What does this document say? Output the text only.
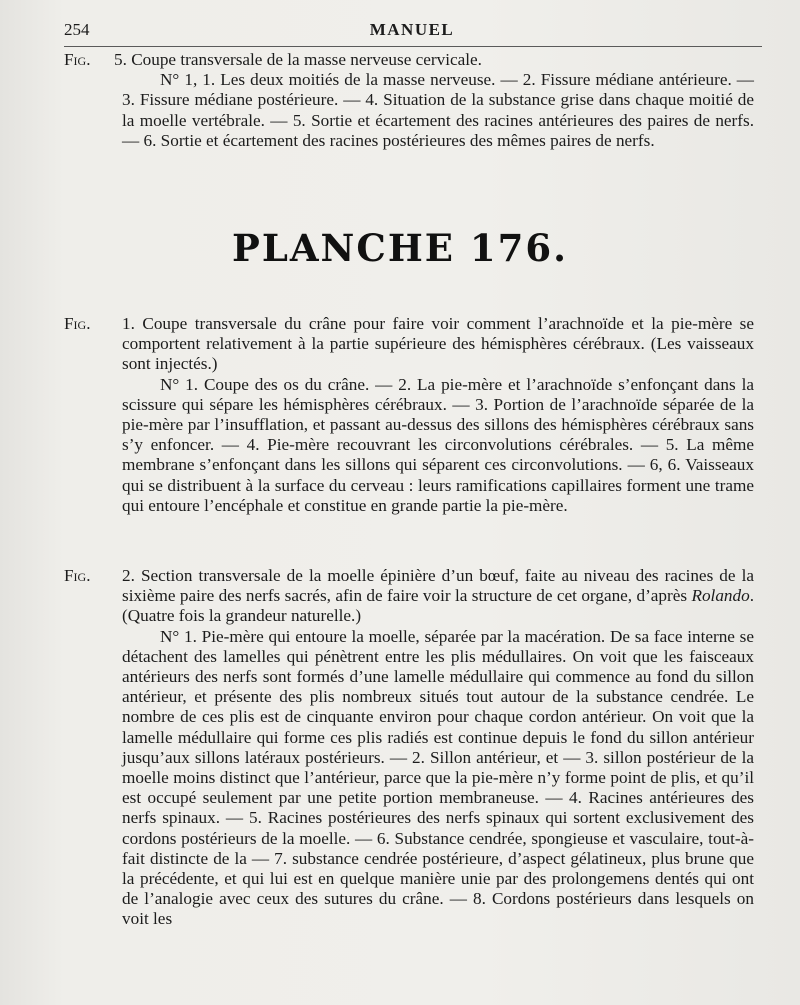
254	MANUEL

Fig. 5. Coupe transversale de la masse nerveuse cervicale.

N° 1, 1. Les deux moitiés de la masse nerveuse. — 2. Fissure médiane antérieure. — 3. Fissure médiane postérieure. — 4. Situation de la substance grise dans chaque moitié de la moelle vertébrale. — 5. Sortie et écartement des racines antérieures des paires de nerfs. — 6. Sortie et écartement des racines postérieures des mêmes paires de nerfs.

PLANCHE 176.

Fig. 1. Coupe transversale du crâne pour faire voir comment l’arachnoïde et la pie-mère se comportent relativement à la partie supérieure des hémisphères cérébraux. (Les vaisseaux sont injectés.)

N° 1. Coupe des os du crâne. — 2. La pie-mère et l’arachnoïde s’enfonçant dans la scissure qui sépare les hémisphères cérébraux. — 3. Portion de l’arachnoïde séparée de la pie-mère par l’insufflation, et passant au-dessus des sillons des hémisphères cérébraux sans s’y enfoncer. — 4. Pie-mère recouvrant les circonvolutions cérébrales. — 5. La même membrane s’enfonçant dans les sillons qui séparent ces circonvolutions. — 6, 6. Vaisseaux qui se distribuent à la surface du cerveau : leurs ramifications capillaires forment une trame qui entoure l’encéphale et constitue en grande partie la pie-mère.

Fig. 2. Section transversale de la moelle épinière d’un bœuf, faite au niveau des racines de la sixième paire des nerfs sacrés, afin de faire voir la structure de cet organe, d’après Rolando. (Quatre fois la grandeur naturelle.)

N° 1. Pie-mère qui entoure la moelle, séparée par la macération. De sa face interne se détachent des lamelles qui pénètrent entre les plis médullaires. On voit que les faisceaux antérieurs des nerfs sont formés d’une lamelle médullaire qui commence au fond du sillon antérieur, et présente des plis nombreux situés tout autour de la substance cendrée. Le nombre de ces plis est de cinquante environ pour chaque cordon antérieur. On voit que la lamelle médullaire qui forme ces plis radiés est continue depuis le fond du sillon antérieur jusqu’aux sillons latéraux postérieurs. — 2. Sillon antérieur, et — 3. sillon postérieur de la moelle moins distinct que l’antérieur, parce que la pie-mère n’y forme point de plis, et qu’il est occupé seulement par une petite portion membraneuse. — 4. Racines antérieures des nerfs spinaux. — 5. Racines postérieures des nerfs spinaux qui sortent exclusivement des cordons postérieurs de la moelle. — 6. Substance cendrée, spongieuse et vasculaire, tout-à-fait distincte de la — 7. substance cendrée postérieure, d’aspect gélatineux, plus brune que la précédente, et qui lui est en quelque manière unie par des prolongemens dentés qui ont de l’analogie avec ceux des sutures du crâne. — 8. Cordons postérieurs dans lesquels on voit les
